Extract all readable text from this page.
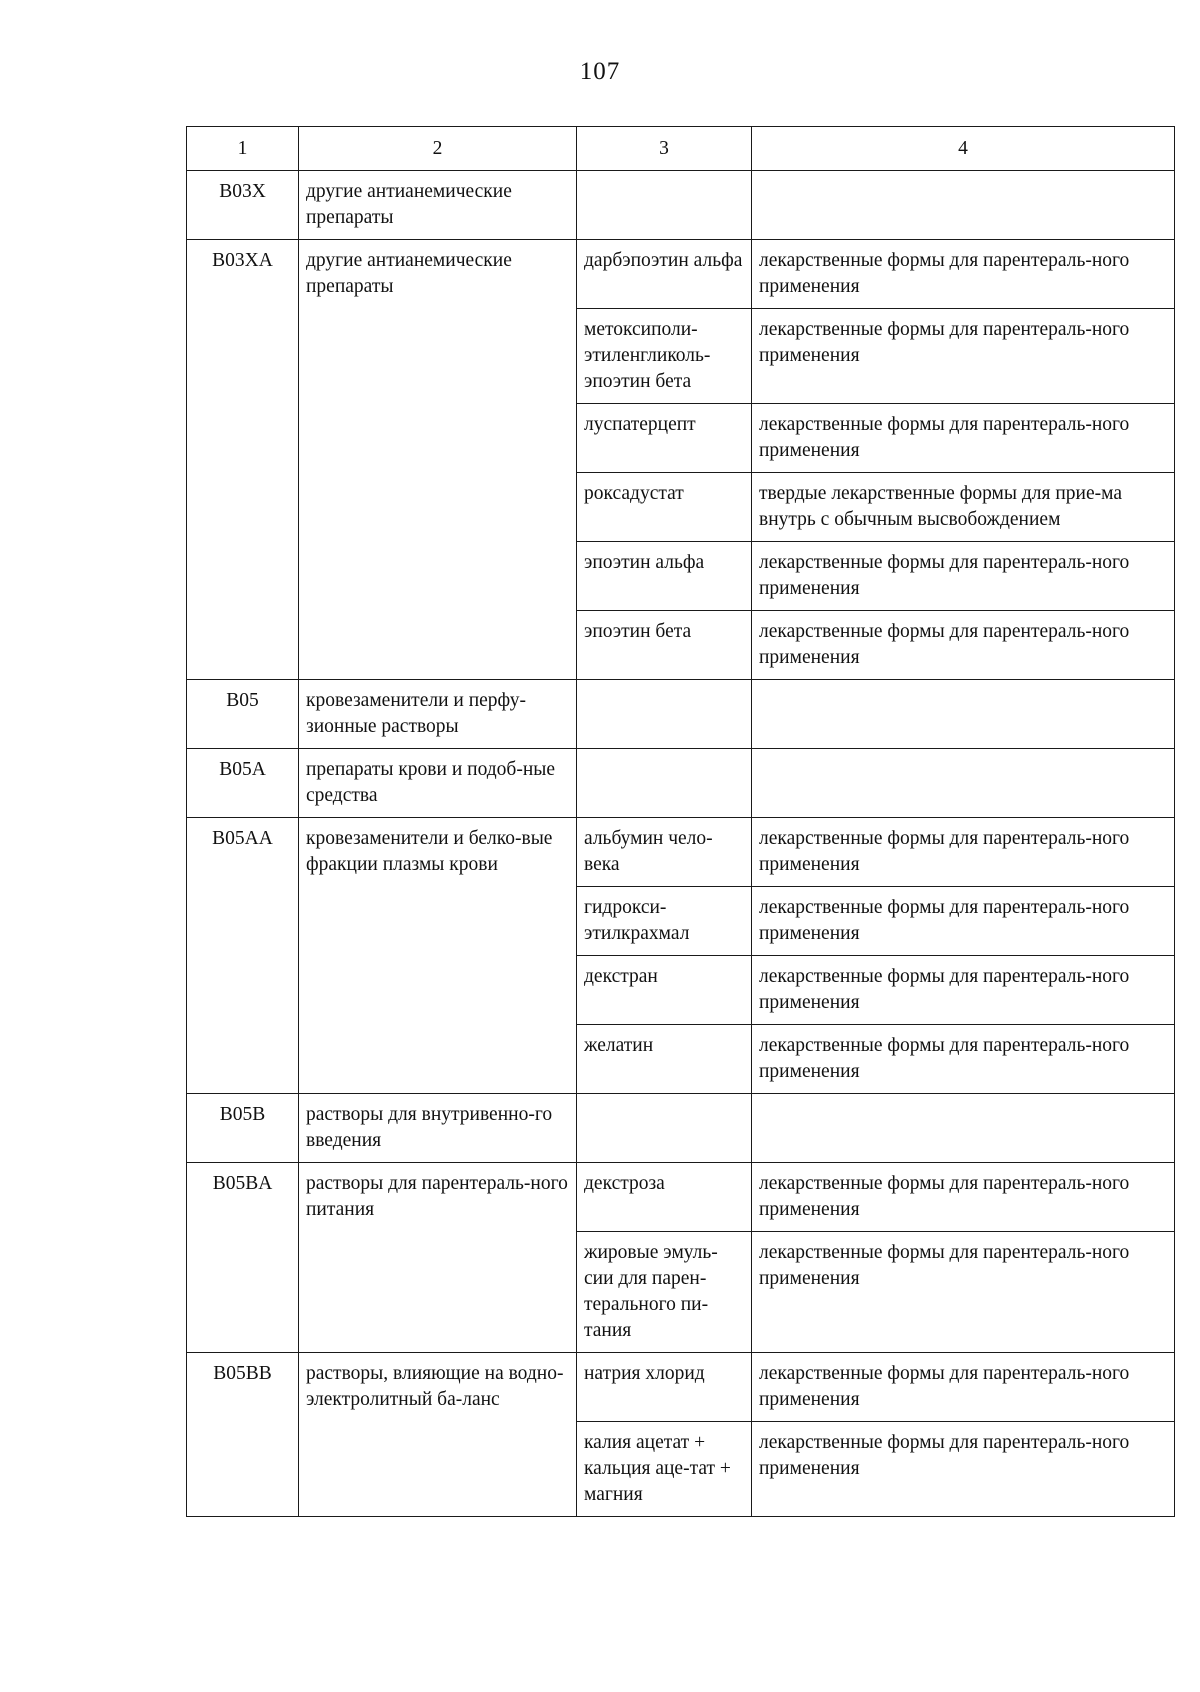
107
1	2	3	4
B03X	другие антианемические препараты		
B03XA	другие антианемические препараты	дарбэпоэтин альфа	лекарственные формы для парентераль-ного применения
		метоксиполи-этиленгликоль-эпоэтин бета	лекарственные формы для парентераль-ного применения
		луспатерцепт	лекарственные формы для парентераль-ного применения
		роксадустат	твердые лекарственные формы для прие-ма внутрь с обычным высвобождением
		эпоэтин альфа	лекарственные формы для парентераль-ного применения
		эпоэтин бета	лекарственные формы для парентераль-ного применения
B05	кровезаменители и перфу-зионные растворы		
B05A	препараты крови и подоб-ные средства		
B05AA	кровезаменители и белко-вые фракции плазмы крови	альбумин чело-века	лекарственные формы для парентераль-ного применения
		гидрокси-этилкрахмал	лекарственные формы для парентераль-ного применения
		декстран	лекарственные формы для парентераль-ного применения
		желатин	лекарственные формы для парентераль-ного применения
B05B	растворы для внутривенно-го введения		
B05BA	растворы для парентераль-ного питания	декстроза	лекарственные формы для парентераль-ного применения
		жировые эмуль-сии для парен-терального пи-тания	лекарственные формы для парентераль-ного применения
B05BB	растворы, влияющие на водно-электролитный ба-ланс	натрия хлорид	лекарственные формы для парентераль-ного применения
		калия ацетат + кальция аце-тат + магния	лекарственные формы для парентераль-ного применения
